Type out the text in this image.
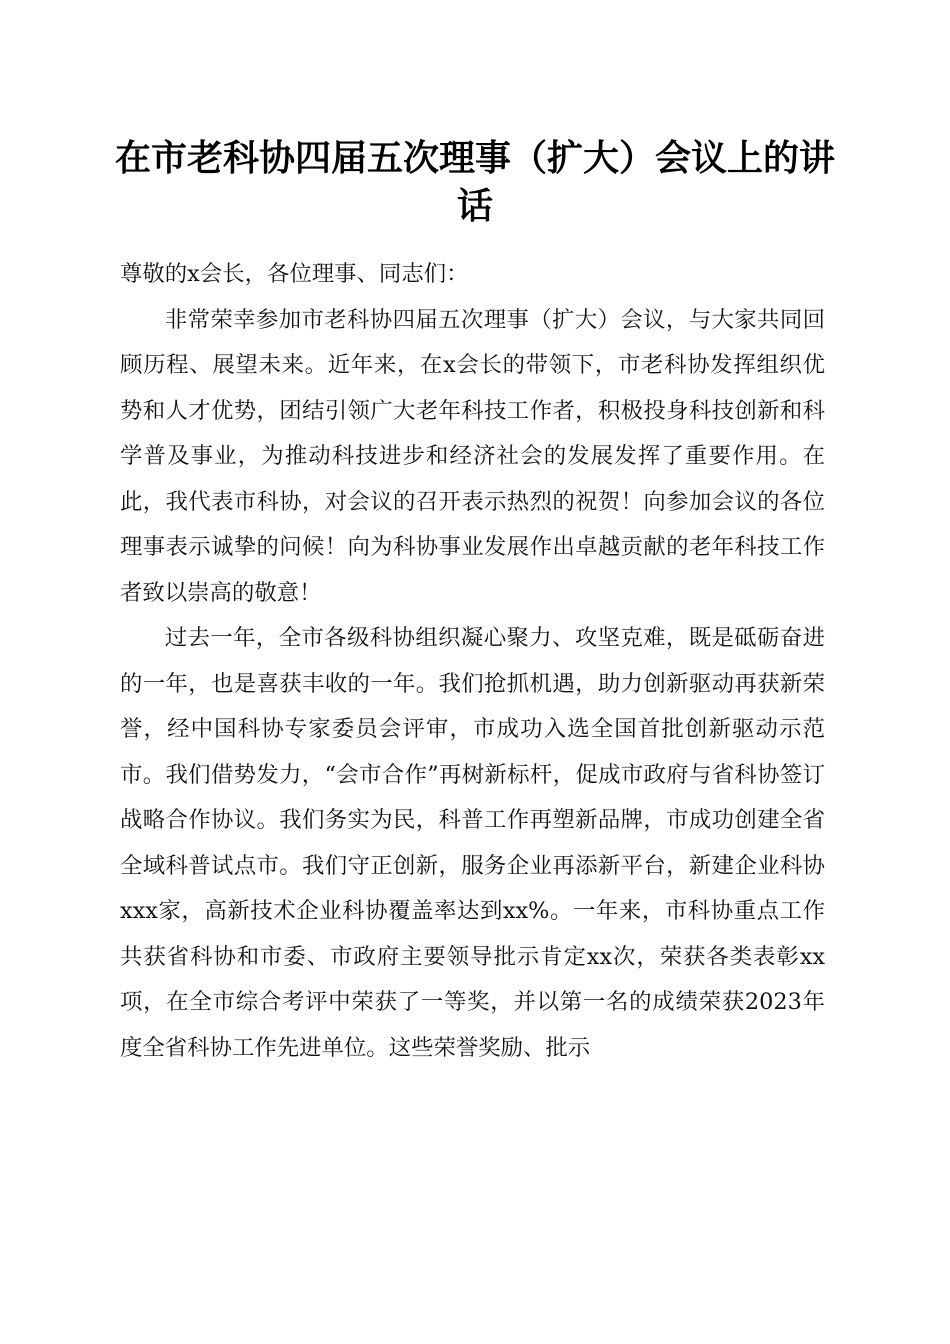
在市老科协四届五次理事（扩大）会议上的讲话

尊敬的x会长，各位理事、同志们：

非常荣幸参加市老科协四届五次理事（扩大）会议，与大家共同回顾历程、展望未来。近年来，在x会长的带领下，市老科协发挥组织优势和人才优势，团结引领广大老年科技工作者，积极投身科技创新和科学普及事业，为推动科技进步和经济社会的发展发挥了重要作用。在此，我代表市科协，对会议的召开表示热烈的祝贺！向参加会议的各位理事表示诚挚的问候！向为科协事业发展作出卓越贡献的老年科技工作者致以崇高的敬意！

过去一年，全市各级科协组织凝心聚力、攻坚克难，既是砥砺奋进的一年，也是喜获丰收的一年。我们抢抓机遇，助力创新驱动再获新荣誉，经中国科协专家委员会评审，市成功入选全国首批创新驱动示范市。我们借势发力，“会市合作”再树新标杆，促成市政府与省科协签订战略合作协议。我们务实为民，科普工作再塑新品牌，市成功创建全省全域科普试点市。我们守正创新，服务企业再添新平台，新建企业科协xxx家，高新技术企业科协覆盖率达到xx%。一年来，市科协重点工作共获省科协和市委、市政府主要领导批示肯定xx次，荣获各类表彰xx项，在全市综合考评中荣获了一等奖，并以第一名的成绩荣获2023年度全省科协工作先进单位。这些荣誉奖励、批示
